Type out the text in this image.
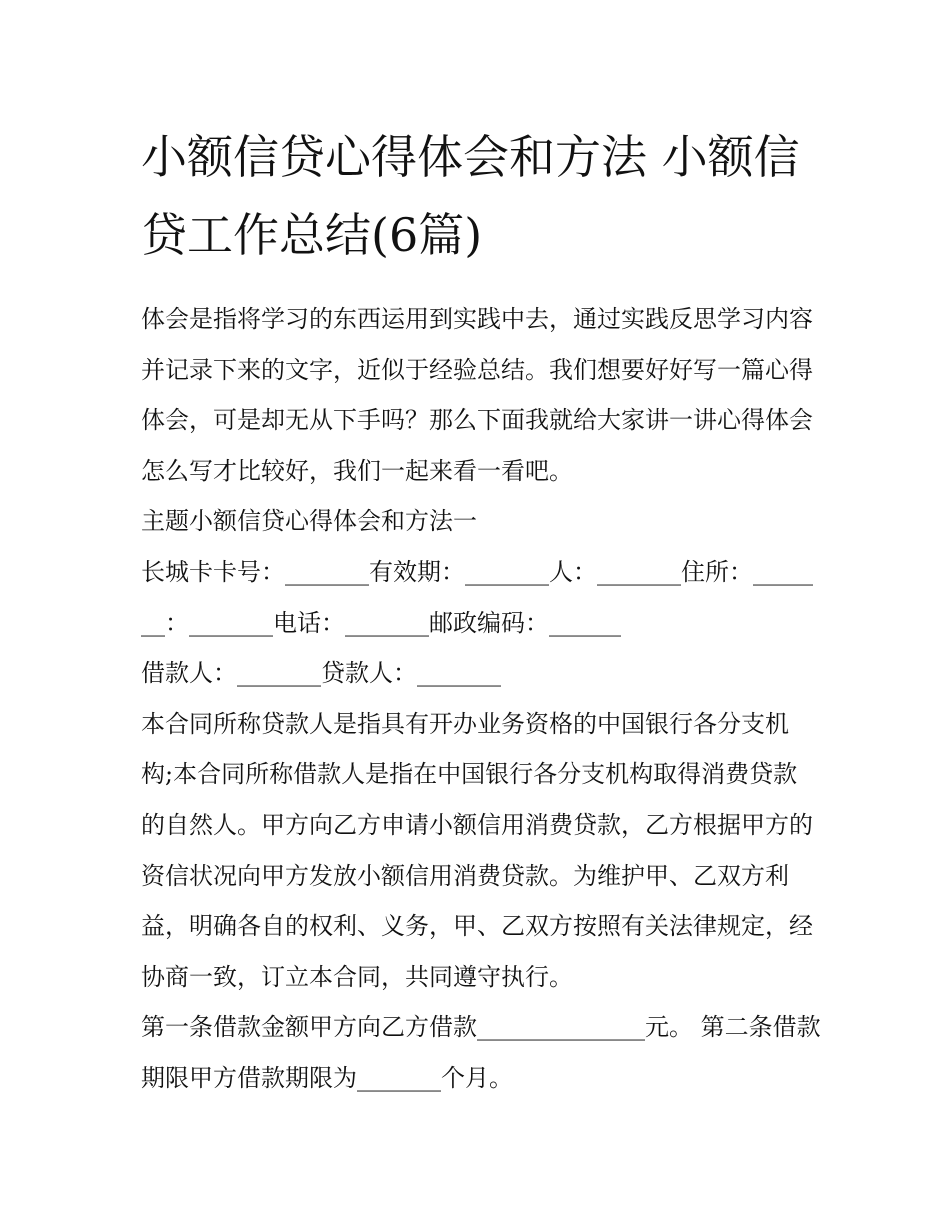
小额信贷心得体会和方法 小额信贷工作总结(6篇)

体会是指将学习的东西运用到实践中去，通过实践反思学习内容并记录下来的文字，近似于经验总结。我们想要好好写一篇心得体会，可是却无从下手吗？那么下面我就给大家讲一讲心得体会怎么写才比较好，我们一起来看一看吧。

主题小额信贷心得体会和方法一

长城卡卡号：_______有效期：_______人：_______住所：_______：_______电话：_______邮政编码：______

借款人：_______贷款人：_______

本合同所称贷款人是指具有开办业务资格的中国银行各分支机构;本合同所称借款人是指在中国银行各分支机构取得消费贷款的自然人。甲方向乙方申请小额信用消费贷款，乙方根据甲方的资信状况向甲方发放小额信用消费贷款。为维护甲、乙双方利益，明确各自的权利、义务，甲、乙双方按照有关法律规定，经协商一致，订立本合同，共同遵守执行。

第一条借款金额甲方向乙方借款______________元。 第二条借款期限甲方借款期限为_______个月。
